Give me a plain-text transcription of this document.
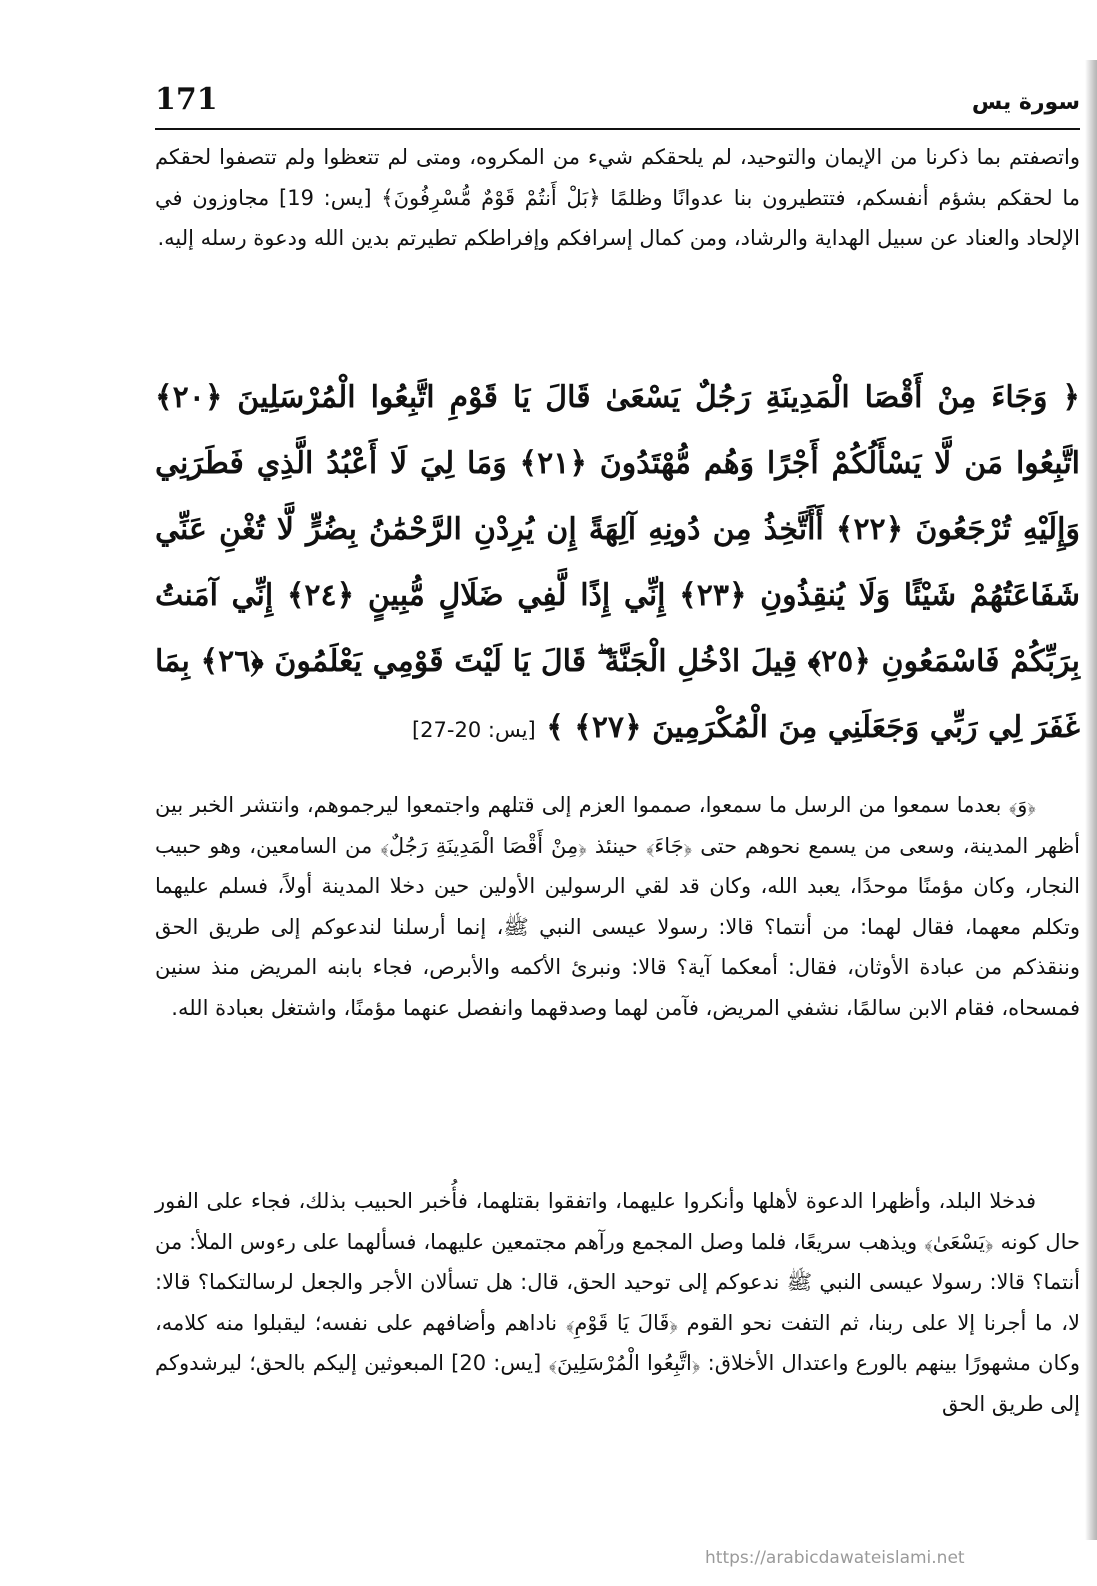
171	سورة يس

واتصفتم بما ذكرنا من الإيمان والتوحيد، لم يلحقكم شيء من المكروه، ومتى لم تتعظوا ولم تتصفوا لحقكم ما لحقكم بشؤم أنفسكم، فتتطيرون بنا عدوانًا وظلمًا ﴿بَلْ أَنتُمْ قَوْمٌ مُّسْرِفُونَ﴾ [يس: 19] مجاوزون في الإلحاد والعناد عن سبيل الهداية والرشاد، ومن كمال إسرافكم وإفراطكم تطيرتم بدين الله ودعوة رسله إليه.

﴿ وَجَاءَ مِنْ أَقْصَا الْمَدِينَةِ رَجُلٌ يَسْعَىٰ قَالَ يَا قَوْمِ اتَّبِعُوا الْمُرْسَلِينَ ﴿٢٠﴾ اتَّبِعُوا مَن لَّا يَسْأَلُكُمْ أَجْرًا وَهُم مُّهْتَدُونَ ﴿٢١﴾ وَمَا لِيَ لَا أَعْبُدُ الَّذِي فَطَرَنِي وَإِلَيْهِ تُرْجَعُونَ ﴿٢٢﴾ أَأَتَّخِذُ مِن دُونِهِ آلِهَةً إِن يُرِدْنِ الرَّحْمَٰنُ بِضُرٍّ لَّا تُغْنِ عَنِّي شَفَاعَتُهُمْ شَيْئًا وَلَا يُنقِذُونِ ﴿٢٣﴾ إِنِّي إِذًا لَّفِي ضَلَالٍ مُّبِينٍ ﴿٢٤﴾ إِنِّي آمَنتُ بِرَبِّكُمْ فَاسْمَعُونِ ﴿٢٥﴾ قِيلَ ادْخُلِ الْجَنَّةَ ۖ قَالَ يَا لَيْتَ قَوْمِي يَعْلَمُونَ ﴿٢٦﴾ بِمَا غَفَرَ لِي رَبِّي وَجَعَلَنِي مِنَ الْمُكْرَمِينَ ﴿٢٧﴾ ﴾ [يس: 20-27]

﴿وَ﴾ بعدما سمعوا من الرسل ما سمعوا، صمموا العزم إلى قتلهم واجتمعوا ليرجموهم، وانتشر الخبر بين أظهر المدينة، وسعى من يسمع نحوهم حتى ﴿جَاءَ﴾ حينئذ ﴿مِنْ أَقْصَا الْمَدِينَةِ رَجُلٌ﴾ من السامعين، وهو حبيب النجار، وكان مؤمنًا موحدًا، يعبد الله، وكان قد لقي الرسولين الأولين حين دخلا المدينة أولاً، فسلم عليهما وتكلم معهما، فقال لهما: من أنتما؟ قالا: رسولا عيسى النبي ﷺ، إنما أرسلنا لندعوكم إلى طريق الحق وننقذكم من عبادة الأوثان، فقال: أمعكما آية؟ قالا: ونبرئ الأكمه والأبرص، فجاء بابنه المريض منذ سنين فمسحاه، فقام الابن سالمًا، نشفي المريض، فآمن لهما وصدقهما وانفصل عنهما مؤمنًا، واشتغل بعبادة الله.

فدخلا البلد، وأظهرا الدعوة لأهلها وأنكروا عليهما، واتفقوا بقتلهما، فأُخبر الحبيب بذلك، فجاء على الفور حال كونه ﴿يَسْعَىٰ﴾ ويذهب سريعًا، فلما وصل المجمع ورآهم مجتمعين عليهما، فسألهما على رءوس الملأ: من أنتما؟ قالا: رسولا عيسى النبي ﷺ ندعوكم إلى توحيد الحق، قال: هل تسألان الأجر والجعل لرسالتكما؟ قالا: لا، ما أجرنا إلا على ربنا، ثم التفت نحو القوم ﴿قَالَ يَا قَوْمِ﴾ ناداهم وأضافهم على نفسه؛ ليقبلوا منه كلامه، وكان مشهورًا بينهم بالورع واعتدال الأخلاق: ﴿اتَّبِعُوا الْمُرْسَلِينَ﴾ [يس: 20] المبعوثين إليكم بالحق؛ ليرشدوكم إلى طريق الحق

https://arabicdawateislami.net
